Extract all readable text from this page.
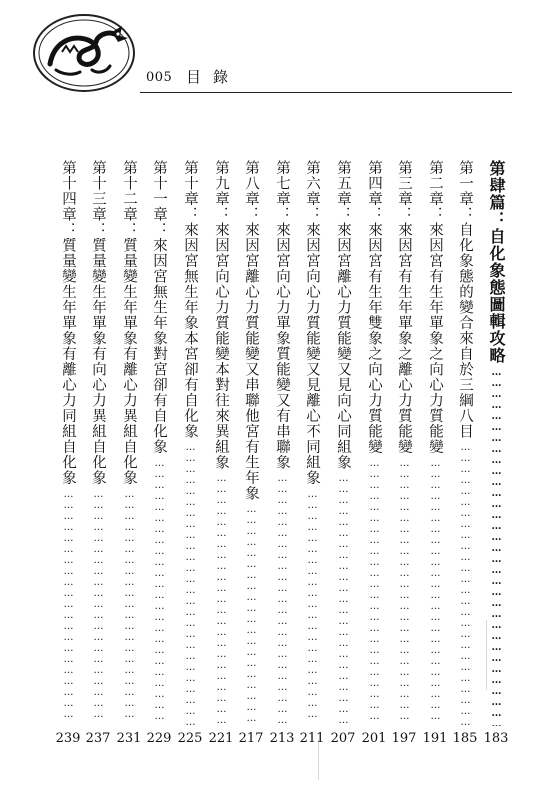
005 目錄
第肆篇：自化象態圖輯攻略 …………………………………………………………………………………………………………………………………………………………………………
183
第一章：自化象態的變合來自於三綱八目 …………………………………………………………………………………………………………………………………………………………………………
185
第二章：來因宮有生年單象之向心力質能變 …………………………………………………………………………………………………………………………………………………………………………
191
第三章：來因宮有生年單象之離心力質能變 …………………………………………………………………………………………………………………………………………………………………………
197
第四章：來因宮有生年雙象之向心力質能變 …………………………………………………………………………………………………………………………………………………………………………
201
第五章：來因宮離心力質能變又見向心同組象 …………………………………………………………………………………………………………………………………………………………………………
207
第六章：來因宮向心力質能變又見離心不同組象 …………………………………………………………………………………………………………………………………………………………………………
211
第七章：來因宮向心力單象質能變又有串聯象 …………………………………………………………………………………………………………………………………………………………………………
213
第八章：來因宮離心力質能變又串聯他宮有生年象 …………………………………………………………………………………………………………………………………………………………………………
217
第九章：來因宮向心力質能變本對往來異組象 …………………………………………………………………………………………………………………………………………………………………………
221
第十章：來因宮無生年象本宮卻有自化象 …………………………………………………………………………………………………………………………………………………………………………
225
第十一章：來因宮無生年象對宮卻有自化象 …………………………………………………………………………………………………………………………………………………………………………
229
第十二章：質量變生年單象有離心力異組自化象 …………………………………………………………………………………………………………………………………………………………………………
231
第十三章：質量變生年單象有向心力異組自化象 …………………………………………………………………………………………………………………………………………………………………………
237
第十四章：質量變生年單象有離心力同組自化象 …………………………………………………………………………………………………………………………………………………………………………
239
